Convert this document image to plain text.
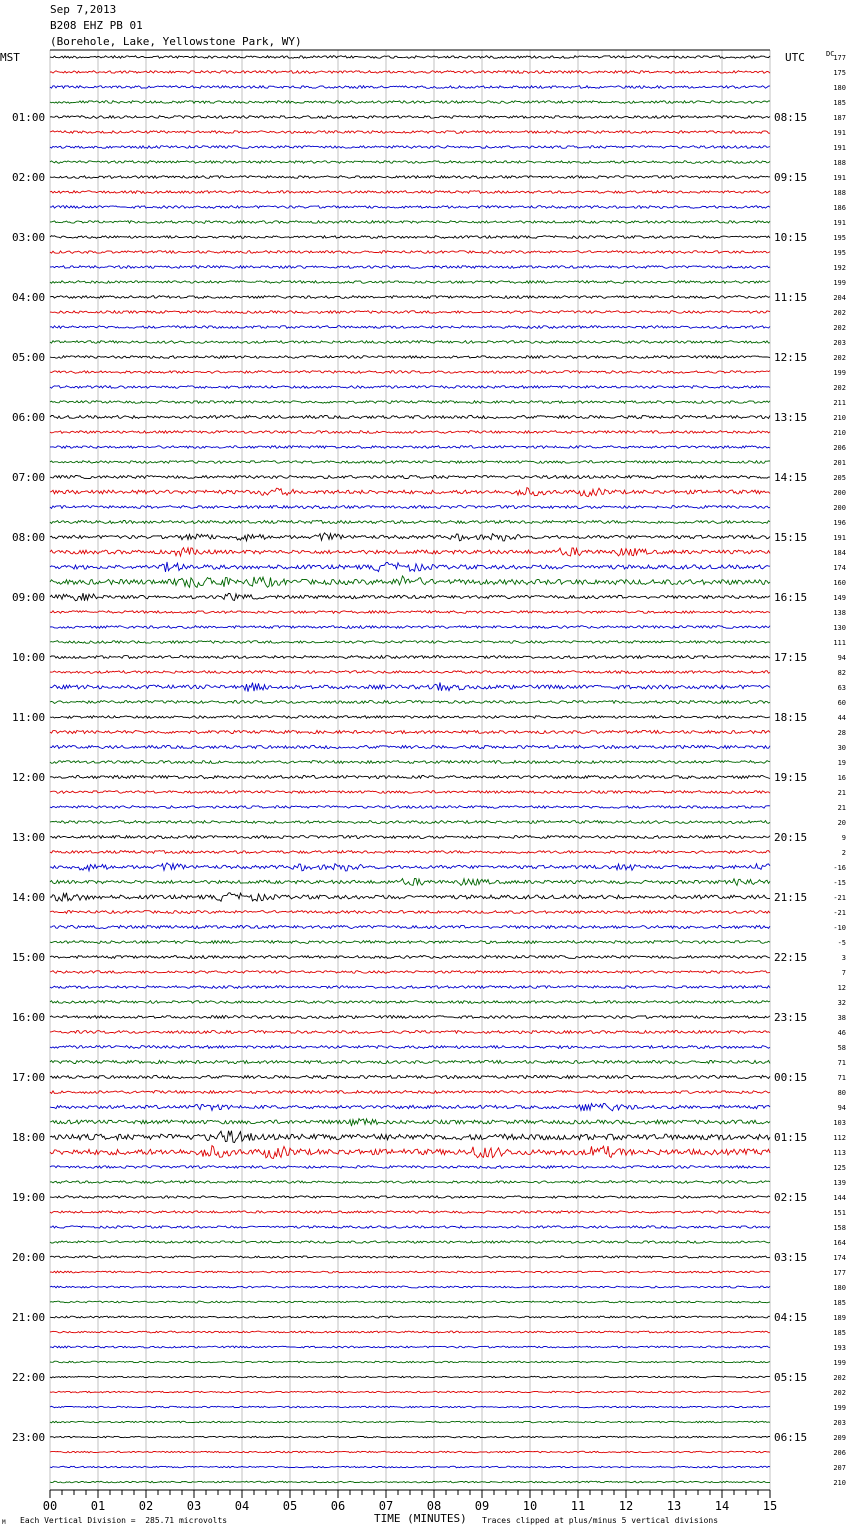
Sep 7,2013
B208 EHZ PB 01
(Borehole, Lake, Yellowstone Park, WY)
01:00
02:00
03:00
04:00
05:00
06:00
07:00
08:00
09:00
10:00
11:00
12:00
13:00
14:00
15:00
16:00
17:00
18:00
19:00
20:00
21:00
22:00
23:00
08:15
09:15
10:15
11:15
12:15
13:15
14:15
15:15
16:15
17:15
18:15
19:15
20:15
21:15
22:15
23:15
00:15
01:15
02:15
03:15
04:15
05:15
06:15
177
175
180
185
187
191
191
188
191
188
186
191
195
195
192
199
204
202
202
203
202
199
202
211
210
210
206
201
205
200
200
196
191
184
174
160
149
138
130
111
94
82
63
60
44
28
30
19
16
21
21
20
9
2
-16
-15
-21
-21
-10
-5
3
7
12
32
38
46
58
71
71
80
94
103
112
113
125
139
144
151
158
164
174
177
180
185
189
185
193
199
202
202
199
203
209
206
207
210
00	01	02	03	04	05	06	07	08	09	10	11	12	13	14	15
MST	UTC	DC
M Each Vertical Division =  285.71 microvolts	TIME (MINUTES) Traces clipped at plus/minus 5 vertical divisions
